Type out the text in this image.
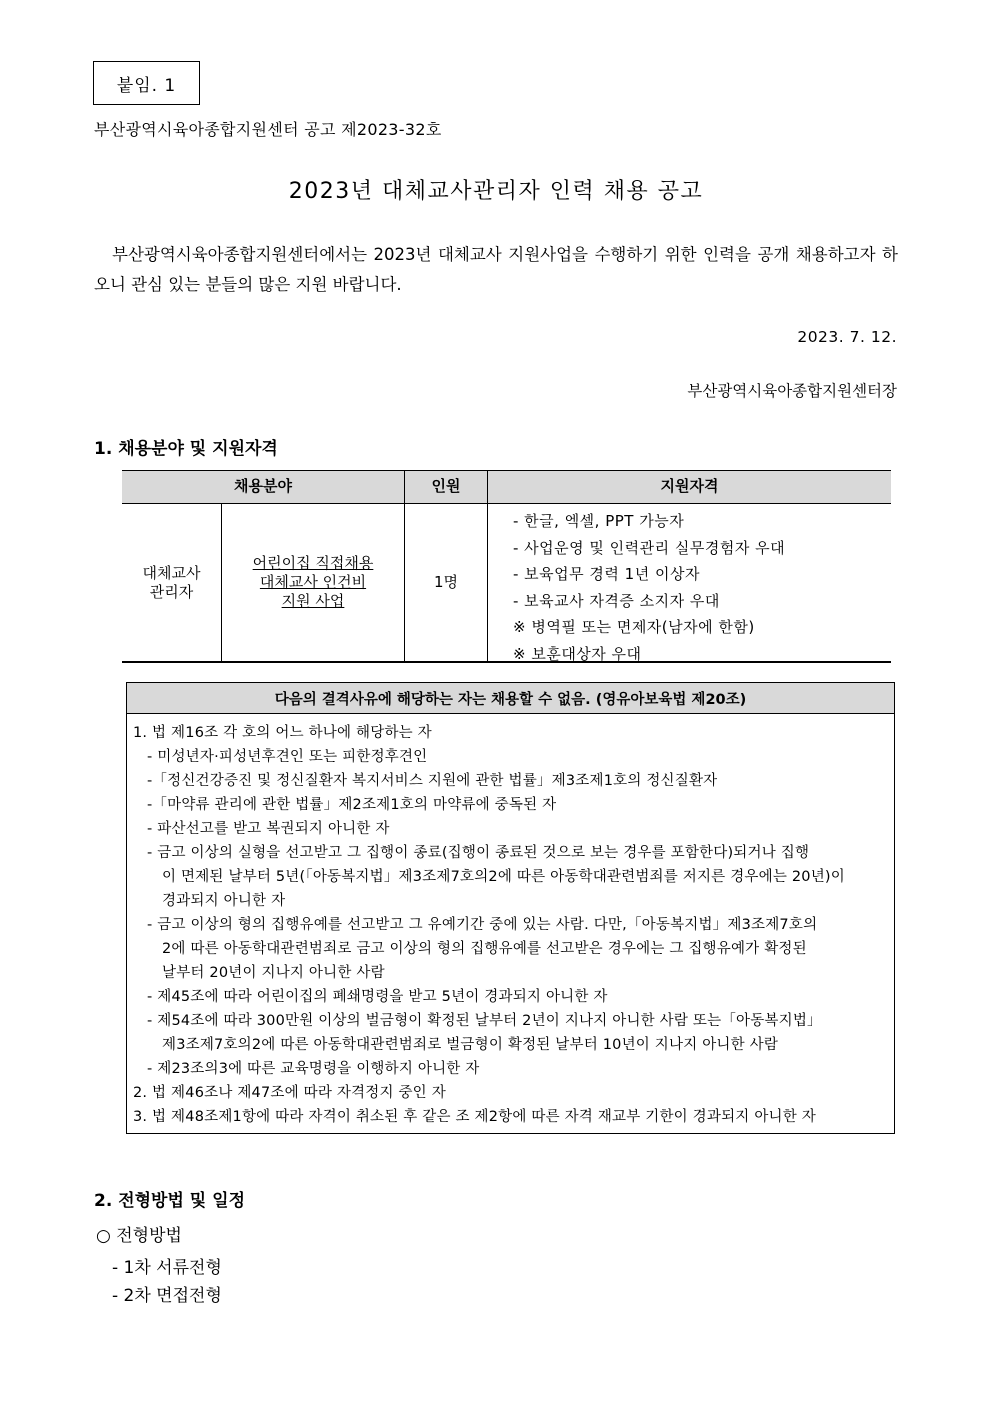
붙임. 1
부산광역시육아종합지원센터 공고 제2023-32호
2023년 대체교사관리자 인력 채용 공고
부산광역시육아종합지원센터에서는 2023년 대체교사 지원사업을 수행하기 위한 인력을 공개 채용하고자 하오니 관심 있는 분들의 많은 지원 바랍니다.
2023. 7. 12.
부산광역시육아종합지원센터장
1. 채용분야 및 지원자격
채용분야	인원	지원자격
대체교사
관리자
어린이집 직접채용
대체교사 인건비
지원 사업
1명
- 한글, 엑셀, PPT 가능자
- 사업운영 및 인력관리 실무경험자 우대
- 보육업무 경력 1년 이상자
- 보육교사 자격증 소지자 우대
※ 병역필 또는 면제자(남자에 한함)
※ 보훈대상자 우대
다음의 결격사유에 해당하는 자는 채용할 수 없음. (영유아보육법 제20조)
1. 법 제16조 각 호의 어느 하나에 해당하는 자
- 미성년자·피성년후견인 또는 피한정후견인
-「정신건강증진 및 정신질환자 복지서비스 지원에 관한 법률」제3조제1호의 정신질환자
-「마약류 관리에 관한 법률」제2조제1호의 마약류에 중독된 자
- 파산선고를 받고 복권되지 아니한 자
- 금고 이상의 실형을 선고받고 그 집행이 종료(집행이 종료된 것으로 보는 경우를 포함한다)되거나 집행
이 면제된 날부터 5년(「아동복지법」제3조제7호의2에 따른 아동학대관련범죄를 저지른 경우에는 20년)이
경과되지 아니한 자
- 금고 이상의 형의 집행유예를 선고받고 그 유예기간 중에 있는 사람. 다만,「아동복지법」제3조제7호의
2에 따른 아동학대관련범죄로 금고 이상의 형의 집행유예를 선고받은 경우에는 그 집행유예가 확정된
날부터 20년이 지나지 아니한 사람
- 제45조에 따라 어린이집의 폐쇄명령을 받고 5년이 경과되지 아니한 자
- 제54조에 따라 300만원 이상의 벌금형이 확정된 날부터 2년이 지나지 아니한 사람 또는「아동복지법」
제3조제7호의2에 따른 아동학대관련범죄로 벌금형이 확정된 날부터 10년이 지나지 아니한 사람
- 제23조의3에 따른 교육명령을 이행하지 아니한 자
2. 법 제46조나 제47조에 따라 자격정지 중인 자
3. 법 제48조제1항에 따라 자격이 취소된 후 같은 조 제2항에 따른 자격 재교부 기한이 경과되지 아니한 자
2. 전형방법 및 일정
○ 전형방법
- 1차 서류전형
- 2차 면접전형
